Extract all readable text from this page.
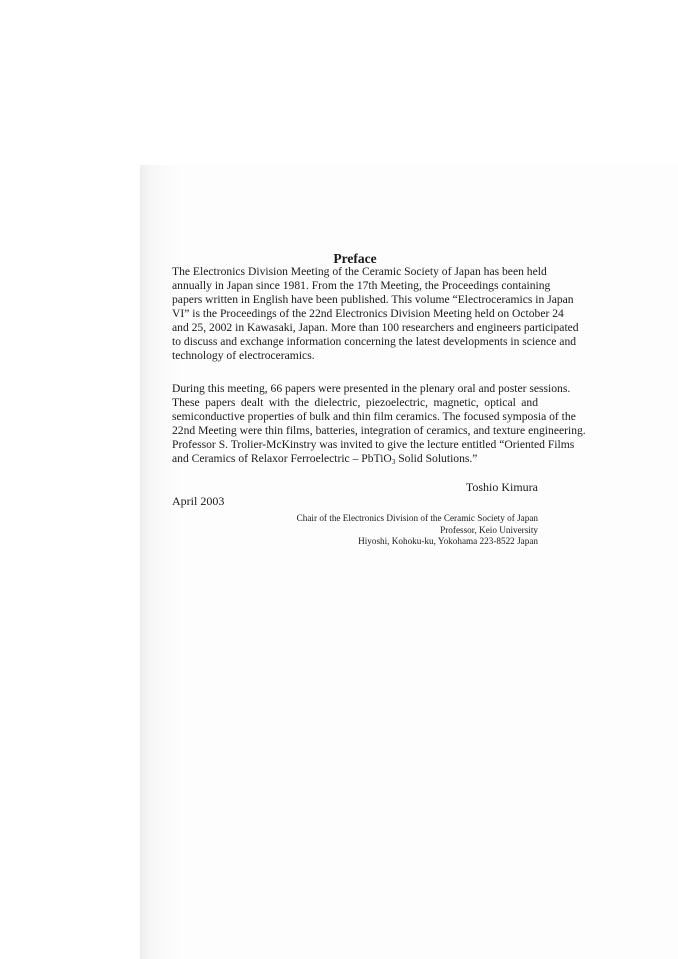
Preface
The Electronics Division Meeting of the Ceramic Society of Japan has been held
annually in Japan since 1981. From the 17th Meeting, the Proceedings containing
papers written in English have been published. This volume “Electroceramics in Japan
VI” is the Proceedings of the 22nd Electronics Division Meeting held on October 24
and 25, 2002 in Kawasaki, Japan. More than 100 researchers and engineers participated
to discuss and exchange information concerning the latest developments in science and
technology of electroceramics.
During this meeting, 66 papers were presented in the plenary oral and poster sessions.
These papers dealt with the dielectric, piezoelectric, magnetic, optical and
semiconductive properties of bulk and thin film ceramics. The focused symposia of the
22nd Meeting were thin films, batteries, integration of ceramics, and texture engineering.
Professor S. Trolier-McKinstry was invited to give the lecture entitled “Oriented Films
and Ceramics of Relaxor Ferroelectric – PbTiO$_3$ Solid Solutions.”
Toshio Kimura
April 2003
Chair of the Electronics Division of the Ceramic Society of Japan
Professor, Keio University
Hiyoshi, Kohoku-ku, Yokohama 223-8522 Japan
